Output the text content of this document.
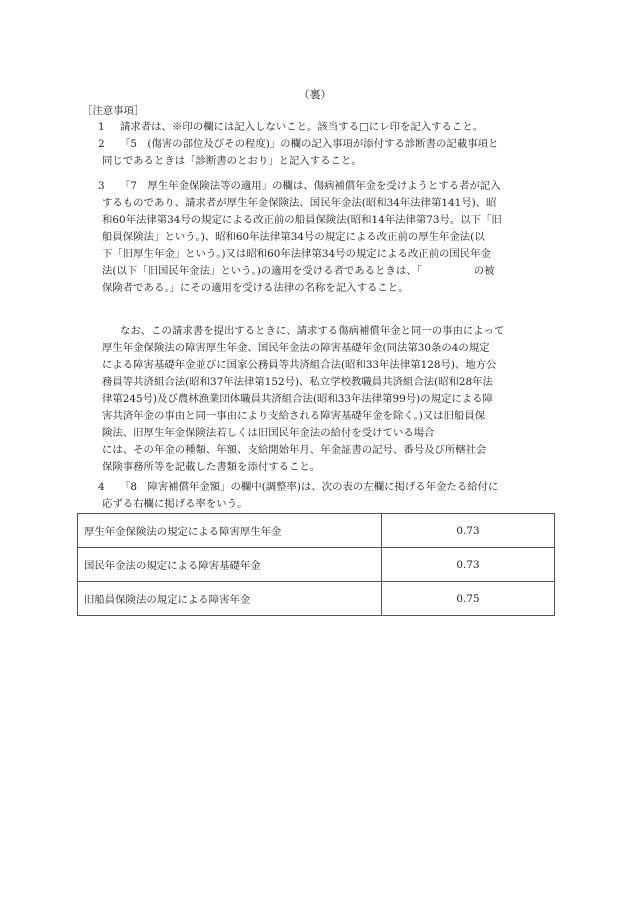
（裏）
［注意事項］
1	請求者は、※印の欄には記入しないこと。該当する□にレ印を記入すること。
2	「5　(傷害の部位及びその程度)」の欄の記入事項が添付する診断書の記載事項と
同じであるときは「診断書のとおり」と記入すること。
3	「7　厚生年金保険法等の適用」の欄は、傷病補償年金を受けようとする者が記入
するものであり、請求者が厚生年金保険法、国民年金法(昭和34年法律第141号)、昭
和60年法律第34号の規定による改正前の船員保険法(昭和14年法律第73号。以下「旧
船員保険法」という。)、昭和60年法律第34号の規定による改正前の厚生年金法(以
下「旧厚生年金」という。)又は昭和60年法律第34号の規定による改正前の国民年金
法(以下「旧国民年金法」という。)の適用を受ける者であるときは、「　　　　　の被
保険者である。」にその適用を受ける法律の名称を記入すること。
なお、この請求書を提出するときに、請求する傷病補償年金と同一の事由によって
厚生年金保険法の障害厚生年金、国民年金法の障害基礎年金(同法第30条の4の規定
による障害基礎年金並びに国家公務員等共済組合法(昭和33年法律第128号)、地方公
務員等共済組合法(昭和37年法律第152号)、私立学校教職員共済組合法(昭和28年法
律第245号)及び農林漁業団体職員共済組合法(昭和33年法律第99号)の規定による障
害共済年金の事由と同一事由により支給される障害基礎年金を除く。)又は旧船員保
険法、旧厚生年金保険法若しくは旧国民年金法の給付を受けている場合
には、その年金の種類、年額、支給開始年月、年金証書の記号、番号及び所轄社会
保険事務所等を記載した書類を添付すること。
4	「8　障害補償年金額」の欄中(調整率)は、次の表の左欄に掲げる年金たる給付に
応ずる右欄に掲げる率をいう。
厚生年金保険法の規定による障害厚生年金	0.73
国民年金法の規定による障害基礎年金	0.73
旧船員保険法の規定による障害年金	0.75
